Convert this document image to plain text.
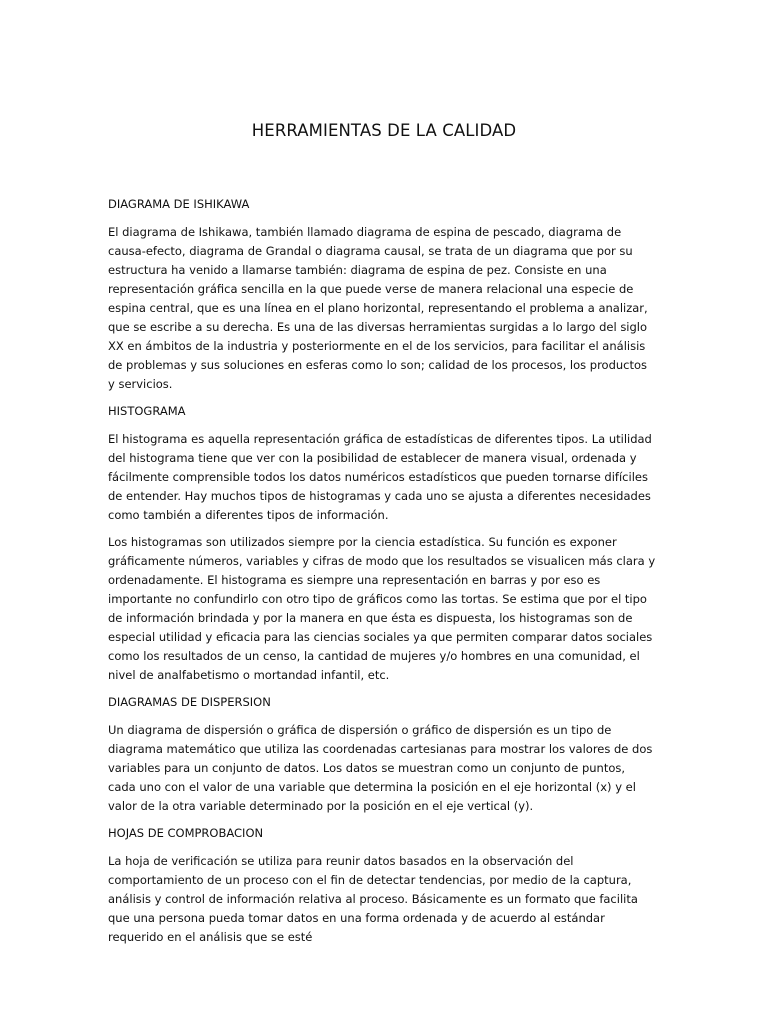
HERRAMIENTAS DE LA CALIDAD
DIAGRAMA DE ISHIKAWA

El diagrama de Ishikawa, también llamado diagrama de espina de pescado, diagrama de causa-efecto, diagrama de Grandal o diagrama causal, se trata de un diagrama que por su estructura ha venido a llamarse también: diagrama de espina de pez. Consiste en una representación gráfica sencilla en la que puede verse de manera relacional una especie de espina central, que es una línea en el plano horizontal, representando el problema a analizar, que se escribe a su derecha. Es una de las diversas herramientas surgidas a lo largo del siglo XX en ámbitos de la industria y posteriormente en el de los servicios, para facilitar el análisis de problemas y sus soluciones en esferas como lo son; calidad de los procesos, los productos y servicios.

HISTOGRAMA

El histograma es aquella representación gráfica de estadísticas de diferentes tipos. La utilidad del histograma tiene que ver con la posibilidad de establecer de manera visual, ordenada y fácilmente comprensible todos los datos numéricos estadísticos que pueden tornarse difíciles de entender. Hay muchos tipos de histogramas y cada uno se ajusta a diferentes necesidades como también a diferentes tipos de información.

Los histogramas son utilizados siempre por la ciencia estadística. Su función es exponer gráficamente números, variables y cifras de modo que los resultados se visualicen más clara y ordenadamente. El histograma es siempre una representación en barras y por eso es importante no confundirlo con otro tipo de gráficos como las tortas. Se estima que por el tipo de información brindada y por la manera en que ésta es dispuesta, los histogramas son de especial utilidad y eficacia para las ciencias sociales ya que permiten comparar datos sociales como los resultados de un censo, la cantidad de mujeres y/o hombres en una comunidad, el nivel de analfabetismo o mortandad infantil, etc.

DIAGRAMAS DE DISPERSION

Un diagrama de dispersión o gráfica de dispersión o gráfico de dispersión es un tipo de diagrama matemático que utiliza las coordenadas cartesianas para mostrar los valores de dos variables para un conjunto de datos. Los datos se muestran como un conjunto de puntos, cada uno con el valor de una variable que determina la posición en el eje horizontal (x) y el valor de la otra variable determinado por la posición en el eje vertical (y).

HOJAS DE COMPROBACION

La hoja de verificación se utiliza para reunir datos basados en la observación del comportamiento de un proceso con el fin de detectar tendencias, por medio de la captura, análisis y control de información relativa al proceso. Básicamente es un formato que facilita que una persona pueda tomar datos en una forma ordenada y de acuerdo al estándar requerido en el análisis que se esté
